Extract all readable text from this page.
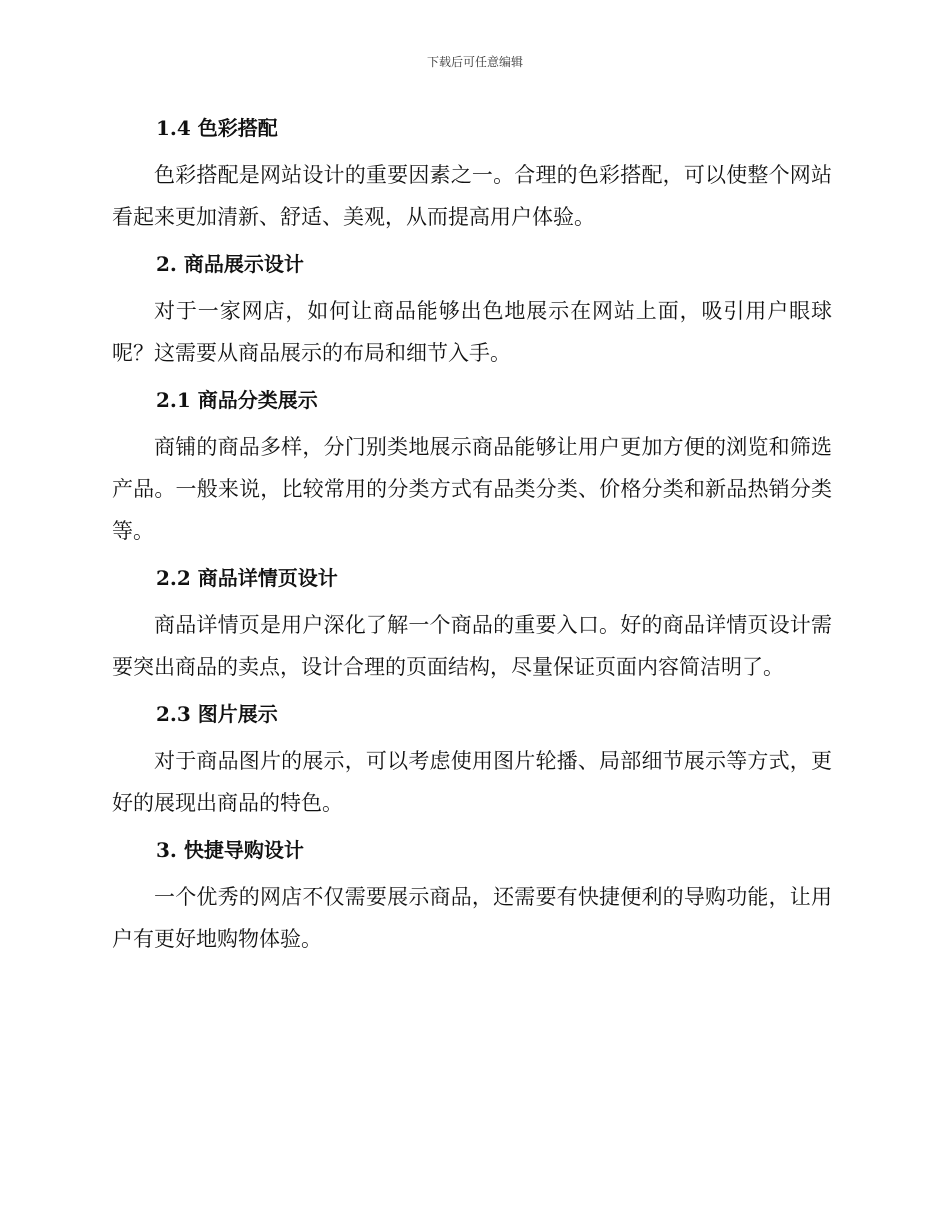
下载后可任意编辑
1.4 色彩搭配

色彩搭配是网站设计的重要因素之一。合理的色彩搭配，可以使整个网站看起来更加清新、舒适、美观，从而提高用户体验。

2. 商品展示设计

对于一家网店，如何让商品能够出色地展示在网站上面，吸引用户眼球呢？这需要从商品展示的布局和细节入手。

2.1 商品分类展示

商铺的商品多样，分门别类地展示商品能够让用户更加方便的浏览和筛选产品。一般来说，比较常用的分类方式有品类分类、价格分类和新品热销分类等。

2.2 商品详情页设计

商品详情页是用户深化了解一个商品的重要入口。好的商品详情页设计需要突出商品的卖点，设计合理的页面结构，尽量保证页面内容简洁明了。

2.3 图片展示

对于商品图片的展示，可以考虑使用图片轮播、局部细节展示等方式，更好的展现出商品的特色。

3. 快捷导购设计

一个优秀的网店不仅需要展示商品，还需要有快捷便利的导购功能，让用户有更好地购物体验。
